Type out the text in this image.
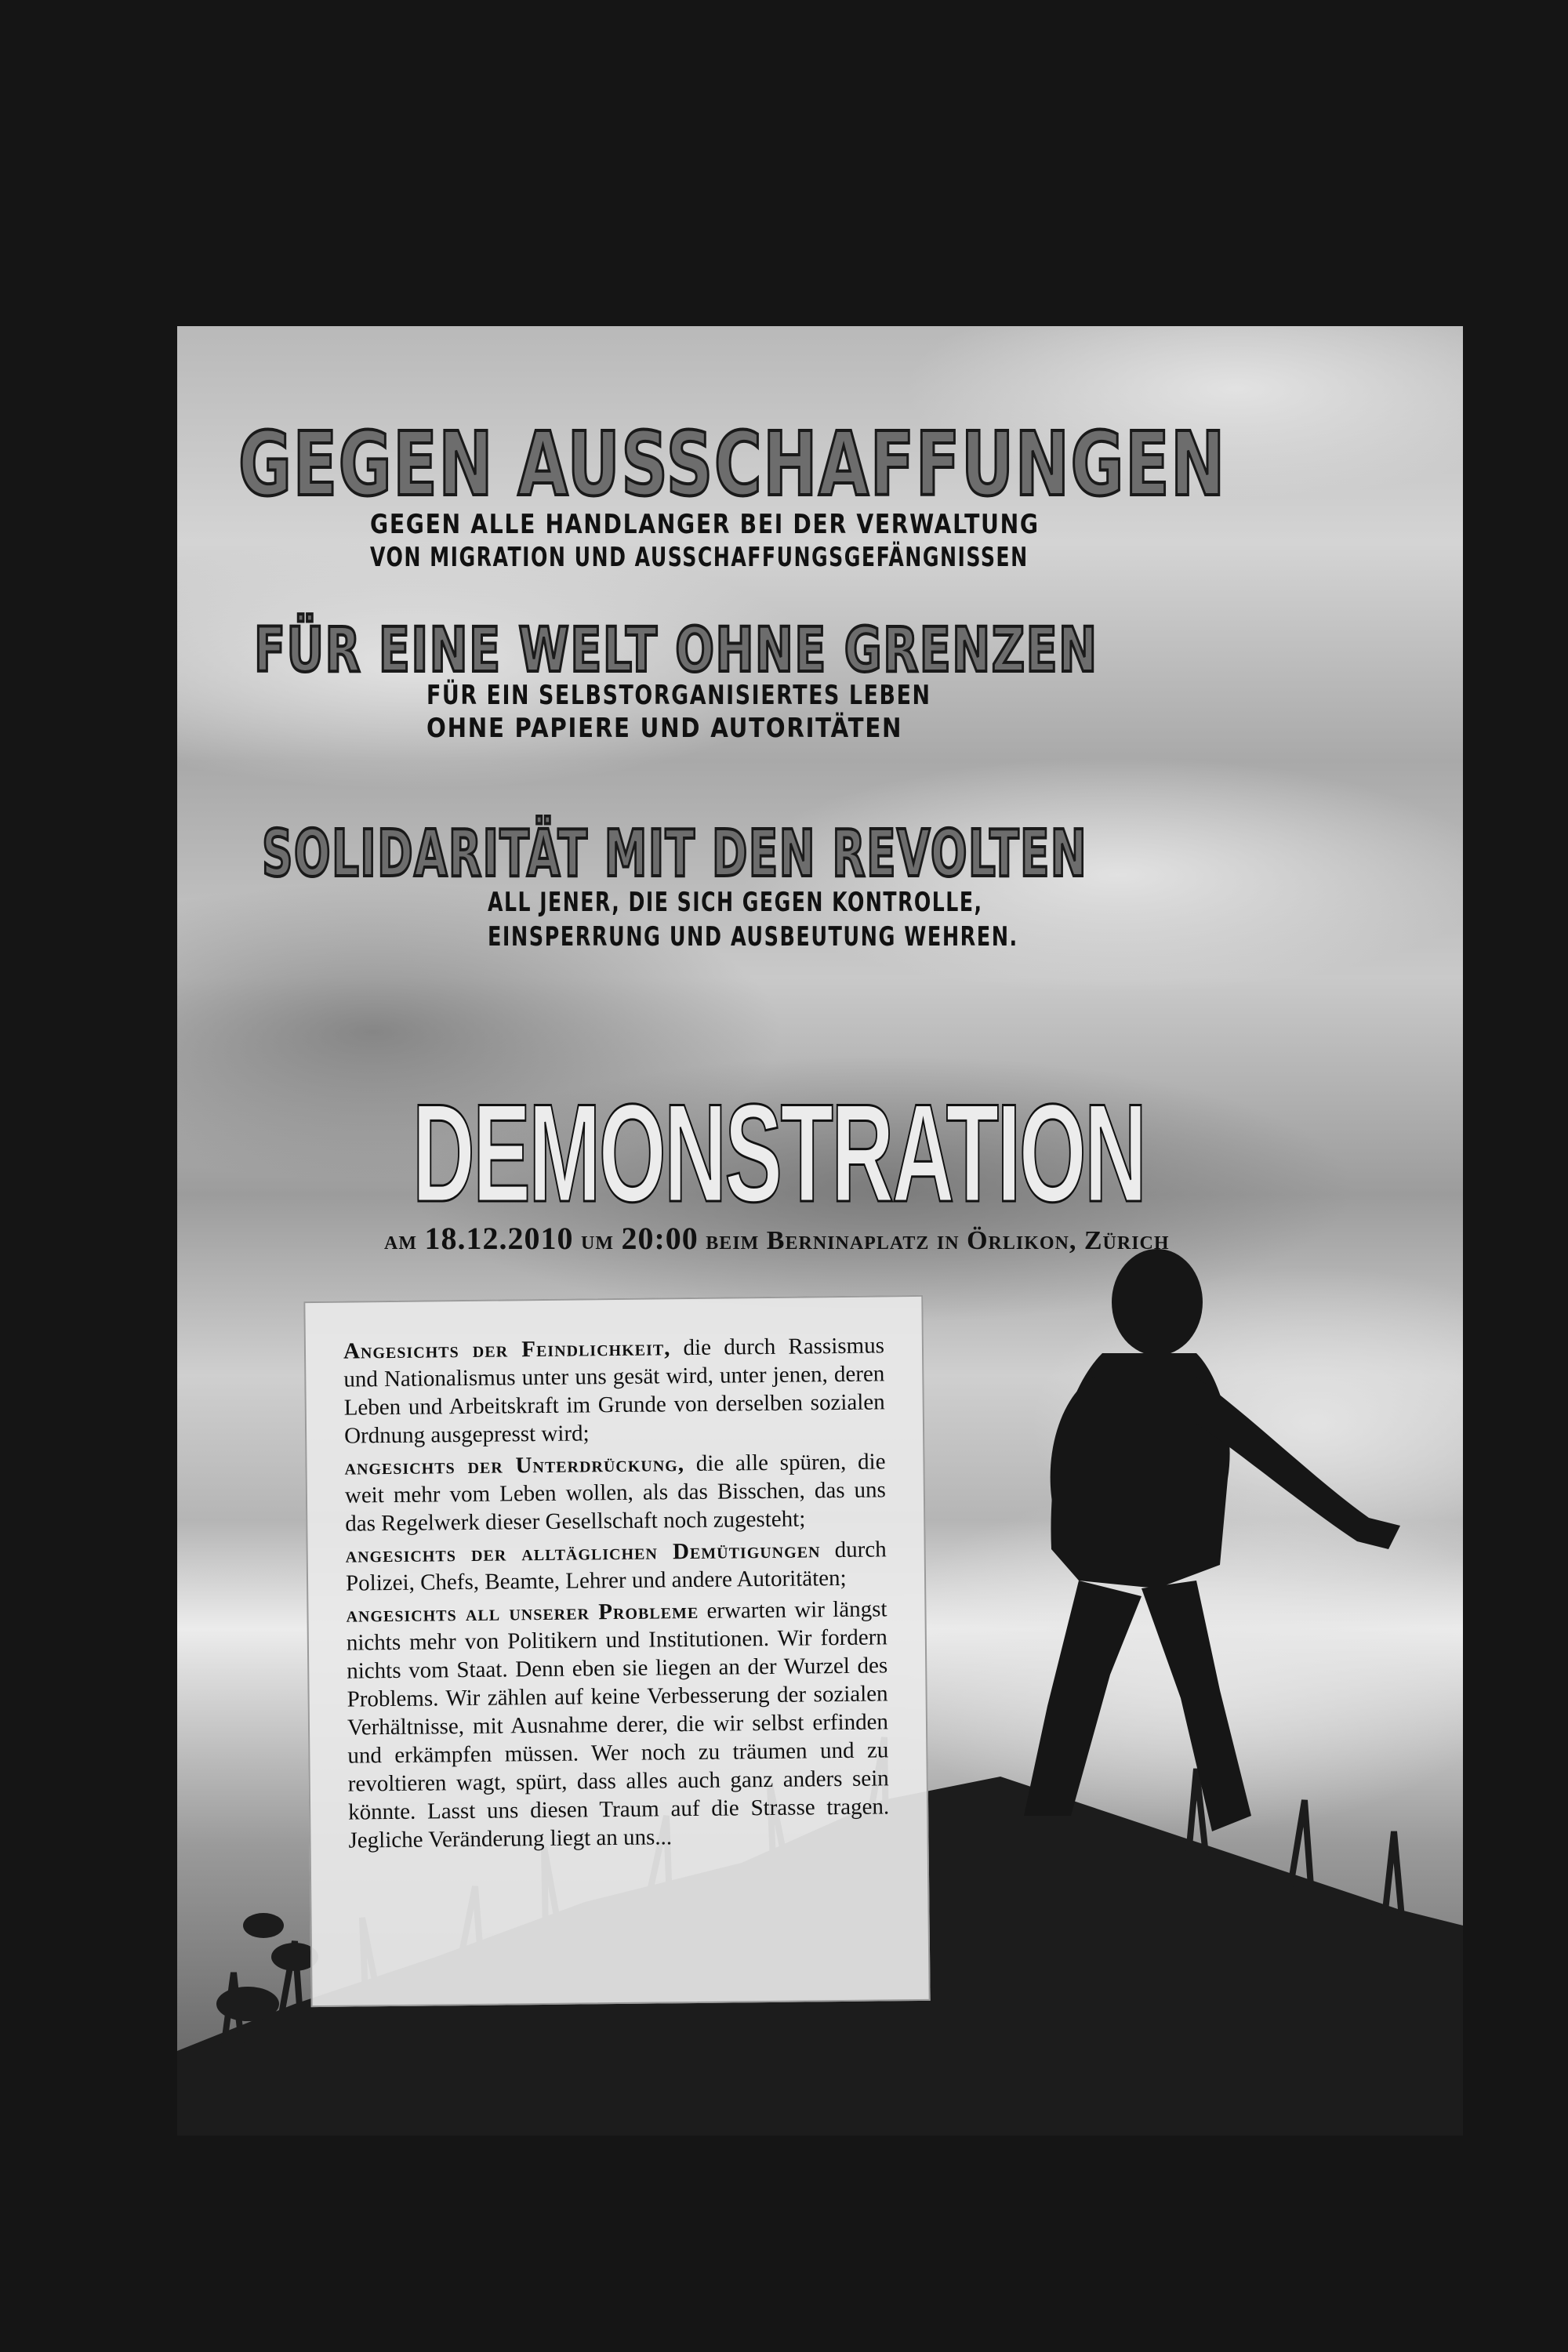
GEGEN AUSSCHAFFUNGEN
GEGEN ALLE HANDLANGER BEI DER VERWALTUNG
VON MIGRATION UND AUSSCHAFFUNGSGEFÄNGNISSEN
FÜR EINE WELT OHNE GRENZEN
FÜR EIN SELBSTORGANISIERTES LEBEN
OHNE PAPIERE UND AUTORITÄTEN
SOLIDARITÄT MIT DEN REVOLTEN
ALL JENER, DIE SICH GEGEN KONTROLLE,
EINSPERRUNG UND AUSBEUTUNG WEHREN.
DEMONSTRATION
am 18.12.2010 um 20:00 beim Berninaplatz in Örlikon, Zürich

Angesichts der Feindlichkeit, die durch Rassismus und Nationalismus unter uns gesät wird, unter jenen, deren Leben und Arbeitskraft im Grunde von derselben sozialen Ordnung ausgepresst wird;

angesichts der Unterdrückung, die alle spüren, die weit mehr vom Leben wollen, als das Bisschen, das uns das Regelwerk dieser Gesellschaft noch zugesteht;

angesichts der alltäglichen Demütigungen durch Polizei, Chefs, Beamte, Lehrer und andere Autoritäten;

angesichts all unserer Probleme erwarten wir längst nichts mehr von Politikern und Institutionen. Wir fordern nichts vom Staat. Denn eben sie liegen an der Wurzel des Problems. Wir zählen auf keine Verbesserung der sozialen Verhältnisse, mit Ausnahme derer, die wir selbst erfinden und erkämpfen müssen. Wer noch zu träumen und zu revoltieren wagt, spürt, dass alles auch ganz anders sein könnte. Lasst uns diesen Traum auf die Strasse tragen. Jegliche Veränderung liegt an uns...
